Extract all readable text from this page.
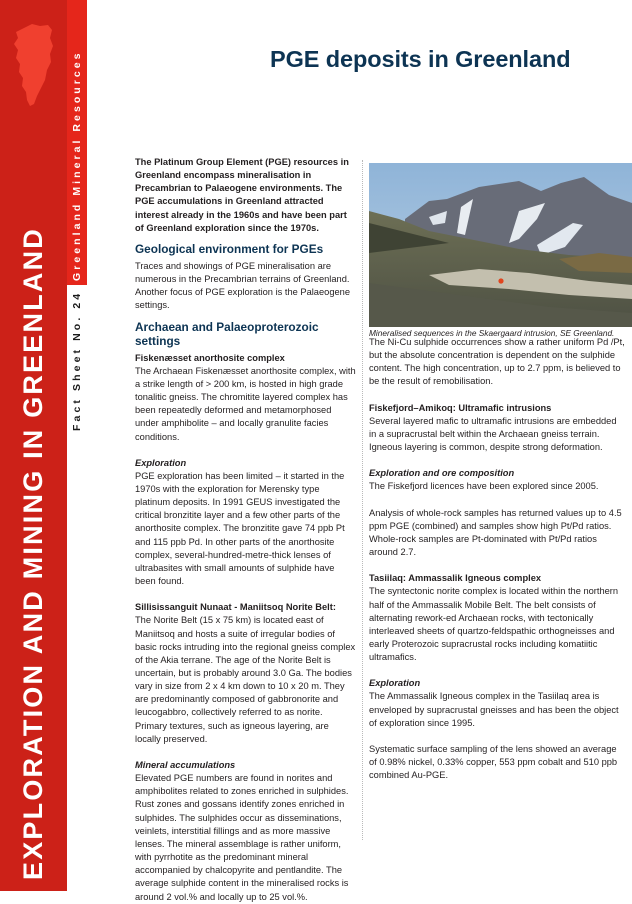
EXPLORATION AND MINING IN GREENLAND
Greenland Mineral Resources
Fact Sheet No. 24
PGE deposits in Greenland

The Platinum Group Element (PGE) resources in Greenland encompass mineralisation in Precambrian to Palaeogene environments. The PGE accumulations in Greenland attracted interest already in the 1960s and have been part of Greenland exploration since the 1970s.

Geological environment for PGEs

Traces and showings of PGE mineralisation are numerous in the Precambrian terrains of Greenland. Another focus of PGE exploration is the Palaeogene settings.

Archaean and Palaeoproterozoic settings
Fiskenæsset anorthosite complex

The Archaean Fiskenæsset anorthosite complex, with a strike length of > 200 km, is hosted in high grade tonalitic gneiss. The chromitite layered complex has been repeatedly deformed and metamorphosed under amphibolite – and locally granulite facies conditions.

Exploration

PGE exploration has been limited – it started in the 1970s with the exploration for Merensky type platinum deposits. In 1991 GEUS investigated the critical bronzitite layer and a few other parts of the anorthosite complex. The bronzitite gave 74 ppb Pt and 115 ppb Pd. In other parts of the anorthosite complex, several-hundred-metre-thick lenses of ultrabasites with small amounts of sulphide have been found.

Sillisissanguit Nunaat - Maniitsoq Norite Belt:

The Norite Belt (15 x 75 km) is located east of Maniitsoq and hosts a suite of irregular bodies of basic rocks intruding into the regional gneiss complex of the Akia terrane. The age of the Norite Belt is uncertain, but is probably around 3.0 Ga. The bodies vary in size from 2 x 4 km down to 10 x 20 m. They are predominantly composed of gabbronorite and leucogabbro, collectively referred to as norite. Primary textures, such as igneous layering, are locally preserved.

Mineral accumulations

Elevated PGE numbers are found in norites and amphibolites related to zones enriched in sulphides. Rust zones and gossans identify zones enriched in sulphides. The sulphides occur as disseminations, veinlets, interstitial fillings and as more massive lenses. The mineral assemblage is rather uniform, with pyrrhotite as the predominant mineral accompanied by chalcopyrite and pentlandite. The average sulphide content in the mineralised rocks is around 2 vol.% and locally up to 25 vol.%.

Mineralised sequences in the Skaergaard intrusion, SE Greenland.

The Ni-Cu sulphide occurrences show a rather uniform Pd /Pt, but the absolute concentration is dependent on the sulphide content. The high concentration, up to 2.7 ppm, is believed to be the result of remobilisation.

Fiskefjord–Amikoq: Ultramafic intrusions

Several layered mafic to ultramafic intrusions are embedded in a supracrustal belt within the Archaean gneiss terrain. Igneous layering is common, despite strong deformation.

Exploration and ore composition

The Fiskefjord licences have been explored since 2005.

Analysis of whole-rock samples has returned values up to 4.5 ppm PGE (combined) and samples show high Pt/Pd ratios. Whole-rock samples are Pt-dominated with Pt/Pd ratios around 2.7.

Tasiilaq: Ammassalik Igneous complex

The syntectonic norite complex is located within the northern half of the Ammassalik Mobile Belt. The belt consists of alternating rework-ed Archaean rocks, with tectonically interleaved sheets of quartzo-feldspathic orthogneisses and early Proterozoic supracrustal rocks including komatiitic ultramafics.

Exploration

The Ammassalik Igneous complex in the Tasiilaq area is enveloped by supracrustal gneisses and has been the object of exploration since 1995.

Systematic surface sampling of the lens showed an average of 0.98% nickel, 0.33% copper, 553 ppm cobalt and 510 ppb combined Au-PGE.
